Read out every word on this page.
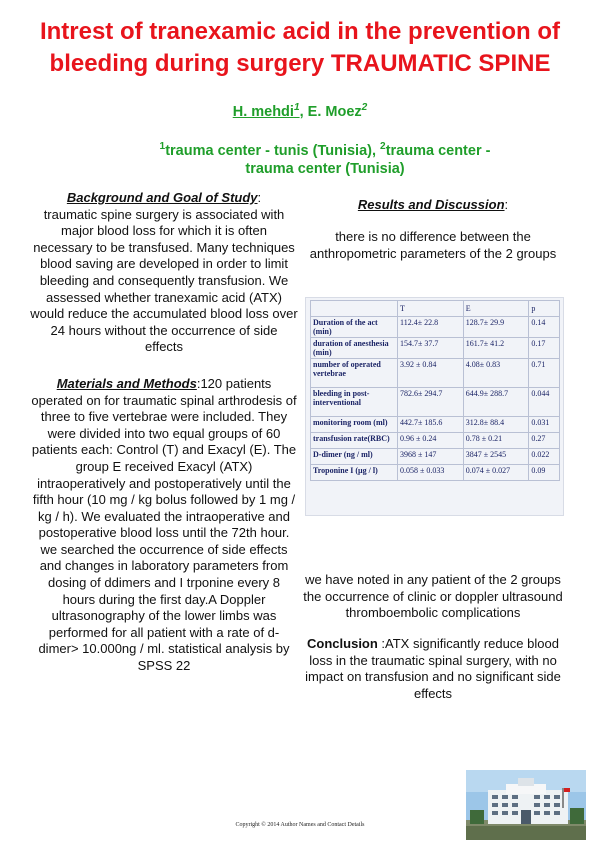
Intrest of tranexamic acid in the prevention of
bleeding during surgery TRAUMATIC SPINE
H. mehdi$^1$, E. Moez$^2$
$^1$trauma center - tunis (Tunisia), $^2$trauma center - trauma center (Tunisia)

Background and Goal of Study:
traumatic spine surgery is associated with major blood loss for which it is often necessary to be transfused. Many techniques blood saving are developed in order to limit bleeding and consequently transfusion. We assessed whether tranexamic acid (ATX) would reduce the accumulated blood loss over 24 hours without the occurrence of side effects

Materials and Methods:120 patients operated on for traumatic spinal arthrodesis of three to five vertebrae were included. They were divided into two equal groups of 60 patients each: Control (T) and Exacyl (E). The group E received Exacyl (ATX) intraoperatively and postoperatively until the fifth hour (10 mg / kg bolus followed by 1 mg / kg / h). We evaluated the intraoperative and postoperative blood loss until the 72th hour. we searched the occurrence of side effects and changes in laboratory parameters from dosing of ddimers and I trponine every 8 hours during the first day.A Doppler ultrasonography of the lower limbs was performed for all patient with a rate of d-dimer> 10.000ng / ml. statistical analysis by SPSS 22

Results and Discussion:

there is no difference between the anthropometric parameters of the 2 groups

	T	E	p
Duration of the act (min)	112.4± 22.8	128.7± 29.9	0.14
duration of anesthesia (min)	154.7± 37.7	161.7± 41.2	0.17
number of operated vertebrae	3.92 ± 0.84	4.08± 0.83	0.71
bleeding in post-interventional	782.6± 294.7	644.9± 288.7	0.044
monitoring room (ml)	442.7± 185.6	312.8± 88.4	0.031
transfusion rate(RBC)	0.96 ± 0.24	0.78 ± 0.21	0.27
D-dimer (ng / ml)	3968 ± 147	3847 ± 2545	0.022
Troponine I (µg / l)	0.058 ± 0.033	0.074 ± 0.027	0.09

we have noted in any patient of the 2 groups the occurrence of clinic or doppler ultrasound thromboembolic complications

Conclusion :ATX significantly reduce blood loss in the traumatic spinal surgery, with no impact on transfusion and no significant side effects

Copyright © 2014 Author Names and Contact Details
